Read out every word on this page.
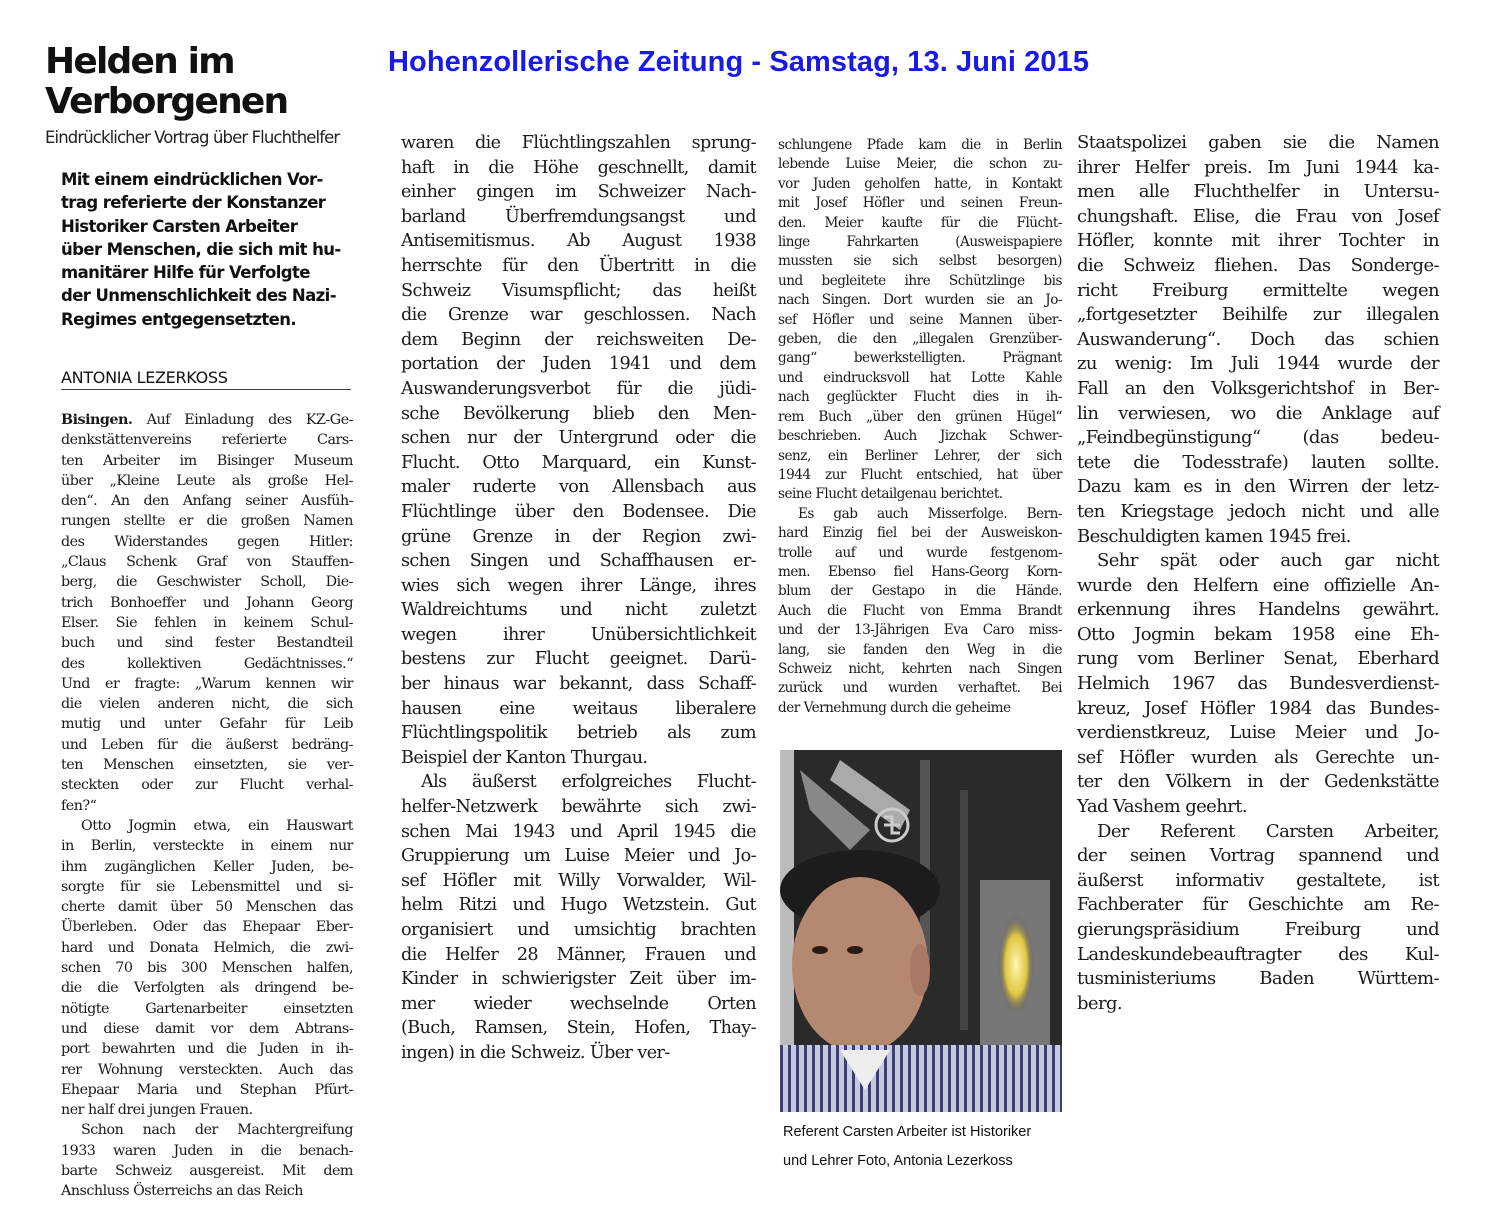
Hohenzollerische Zeitung - Samstag, 13. Juni 2015
Helden im
Verborgenen
Eindrücklicher Vortrag über Fluchthelfer
Mit einem eindrücklichen Vor-
trag referierte der Konstanzer
Historiker Carsten Arbeiter
über Menschen, die sich mit hu-
manitärer Hilfe für Verfolgte
der Unmenschlichkeit des Nazi-
Regimes entgegensetzten.
ANTONIA LEZERKOSS
Bisingen. Auf Einladung des KZ-Ge-
denkstättenvereins referierte Cars-
ten Arbeiter im Bisinger Museum
über „Kleine Leute als große Hel-
den“. An den Anfang seiner Ausfüh-
rungen stellte er die großen Namen
des Widerstandes gegen Hitler:
„Claus Schenk Graf von Stauffen-
berg, die Geschwister Scholl, Die-
trich Bonhoeffer und Johann Georg
Elser. Sie fehlen in keinem Schul-
buch und sind fester Bestandteil
des kollektiven Gedächtnisses.“
Und er fragte: „Warum kennen wir
die vielen anderen nicht, die sich
mutig und unter Gefahr für Leib
und Leben für die äußerst bedräng-
ten Menschen einsetzten, sie ver-
steckten oder zur Flucht verhal-
fen?“
Otto Jogmin etwa, ein Hauswart
in Berlin, versteckte in einem nur
ihm zugänglichen Keller Juden, be-
sorgte für sie Lebensmittel und si-
cherte damit über 50 Menschen das
Überleben. Oder das Ehepaar Eber-
hard und Donata Helmich, die zwi-
schen 70 bis 300 Menschen halfen,
die die Verfolgten als dringend be-
nötigte Gartenarbeiter einsetzten
und diese damit vor dem Abtrans-
port bewahrten und die Juden in ih-
rer Wohnung versteckten. Auch das
Ehepaar Maria und Stephan Pfürt-
ner half drei jungen Frauen.
Schon nach der Machtergreifung
1933 waren Juden in die benach-
barte Schweiz ausgereist. Mit dem
Anschluss Österreichs an das Reich
waren die Flüchtlingszahlen sprung-
haft in die Höhe geschnellt, damit
einher gingen im Schweizer Nach-
barland Überfremdungsangst und
Antisemitismus. Ab August 1938
herrschte für den Übertritt in die
Schweiz Visumspflicht; das heißt
die Grenze war geschlossen. Nach
dem Beginn der reichsweiten De-
portation der Juden 1941 und dem
Auswanderungsverbot für die jüdi-
sche Bevölkerung blieb den Men-
schen nur der Untergrund oder die
Flucht. Otto Marquard, ein Kunst-
maler ruderte von Allensbach aus
Flüchtlinge über den Bodensee. Die
grüne Grenze in der Region zwi-
schen Singen und Schaffhausen er-
wies sich wegen ihrer Länge, ihres
Waldreichtums und nicht zuletzt
wegen ihrer Unübersichtlichkeit
bestens zur Flucht geeignet. Darü-
ber hinaus war bekannt, dass Schaff-
hausen eine weitaus liberalere
Flüchtlingspolitik betrieb als zum
Beispiel der Kanton Thurgau.
Als äußerst erfolgreiches Flucht-
helfer-Netzwerk bewährte sich zwi-
schen Mai 1943 und April 1945 die
Gruppierung um Luise Meier und Jo-
sef Höfler mit Willy Vorwalder, Wil-
helm Ritzi und Hugo Wetzstein. Gut
organisiert und umsichtig brachten
die Helfer 28 Männer, Frauen und
Kinder in schwierigster Zeit über im-
mer wieder wechselnde Orten
(Buch, Ramsen, Stein, Hofen, Thay-
ingen) in die Schweiz. Über ver-
schlungene Pfade kam die in Berlin
lebende Luise Meier, die schon zu-
vor Juden geholfen hatte, in Kontakt
mit Josef Höfler und seinen Freun-
den. Meier kaufte für die Flücht-
linge Fahrkarten (Ausweispapiere
mussten sie sich selbst besorgen)
und begleitete ihre Schützlinge bis
nach Singen. Dort wurden sie an Jo-
sef Höfler und seine Mannen über-
geben, die den „illegalen Grenzüber-
gang“ bewerkstelligten. Prägnant
und eindrucksvoll hat Lotte Kahle
nach geglückter Flucht dies in ih-
rem Buch „über den grünen Hügel“
beschrieben. Auch Jizchak Schwer-
senz, ein Berliner Lehrer, der sich
1944 zur Flucht entschied, hat über
seine Flucht detailgenau berichtet.
Es gab auch Misserfolge. Bern-
hard Einzig fiel bei der Ausweiskon-
trolle auf und wurde festgenom-
men. Ebenso fiel Hans-Georg Korn-
blum der Gestapo in die Hände.
Auch die Flucht von Emma Brandt
und der 13-Jährigen Eva Caro miss-
lang, sie fanden den Weg in die
Schweiz nicht, kehrten nach Singen
zurück und wurden verhaftet. Bei
der Vernehmung durch die geheime
Staatspolizei gaben sie die Namen
ihrer Helfer preis. Im Juni 1944 ka-
men alle Fluchthelfer in Untersu-
chungshaft. Elise, die Frau von Josef
Höfler, konnte mit ihrer Tochter in
die Schweiz fliehen. Das Sonderge-
richt Freiburg ermittelte wegen
„fortgesetzter Beihilfe zur illegalen
Auswanderung“. Doch das schien
zu wenig: Im Juli 1944 wurde der
Fall an den Volksgerichtshof in Ber-
lin verwiesen, wo die Anklage auf
„Feindbegünstigung“ (das bedeu-
tete die Todesstrafe) lauten sollte.
Dazu kam es in den Wirren der letz-
ten Kriegstage jedoch nicht und alle
Beschuldigten kamen 1945 frei.
Sehr spät oder auch gar nicht
wurde den Helfern eine offizielle An-
erkennung ihres Handelns gewährt.
Otto Jogmin bekam 1958 eine Eh-
rung vom Berliner Senat, Eberhard
Helmich 1967 das Bundesverdienst-
kreuz, Josef Höfler 1984 das Bundes-
verdienstkreuz, Luise Meier und Jo-
sef Höfler wurden als Gerechte un-
ter den Völkern in der Gedenkstätte
Yad Vashem geehrt.
Der Referent Carsten Arbeiter,
der seinen Vortrag spannend und
äußerst informativ gestaltete, ist
Fachberater für Geschichte am Re-
gierungspräsidium Freiburg und
Landeskundebeauftragter des Kul-
tusministeriums Baden Württem-
berg.
Referent Carsten Arbeiter ist Historiker
und Lehrer Foto, Antonia Lezerkoss
